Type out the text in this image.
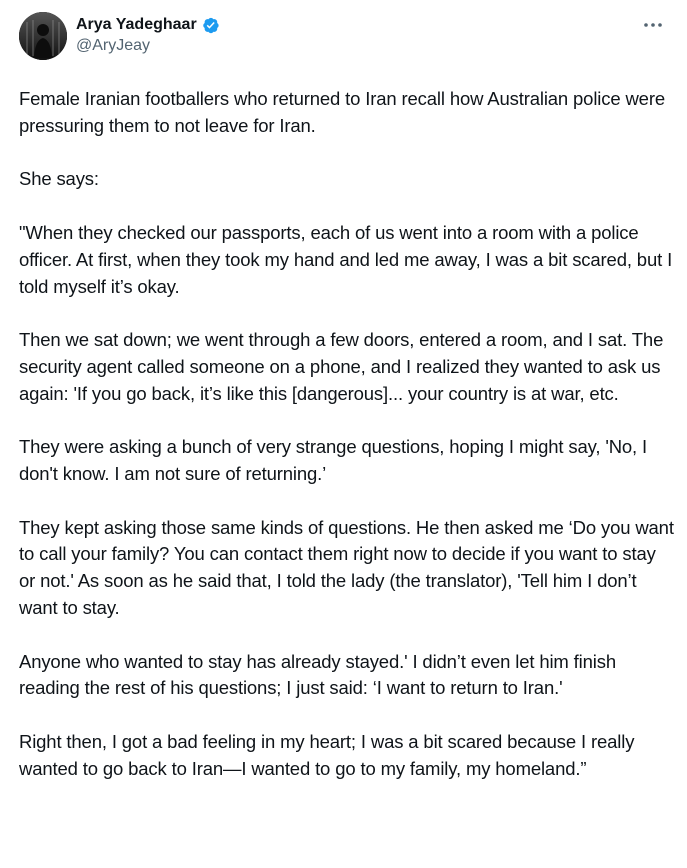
Arya Yadeghaar
@AryJeay

Female Iranian footballers who returned to Iran recall how Australian police were pressuring them to not leave for Iran.

She says:

"When they checked our passports, each of us went into a room with a police officer. At first, when they took my hand and led me away, I was a bit scared, but I told myself it’s okay.

Then we sat down; we went through a few doors, entered a room, and I sat. The security agent called someone on a phone, and I realized they wanted to ask us again: 'If you go back, it’s like this [dangerous]... your country is at war, etc.

They were asking a bunch of very strange questions, hoping I might say, 'No, I don't know. I am not sure of returning.’

They kept asking those same kinds of questions. He then asked me ‘Do you want to call your family? You can contact them right now to decide if you want to stay or not.' As soon as he said that, I told the lady (the translator), 'Tell him I don’t want to stay.

Anyone who wanted to stay has already stayed.' I didn’t even let him finish reading the rest of his questions; I just said: ‘I want to return to Iran.'

Right then, I got a bad feeling in my heart; I was a bit scared because I really wanted to go back to Iran—I wanted to go to my family, my homeland.”
